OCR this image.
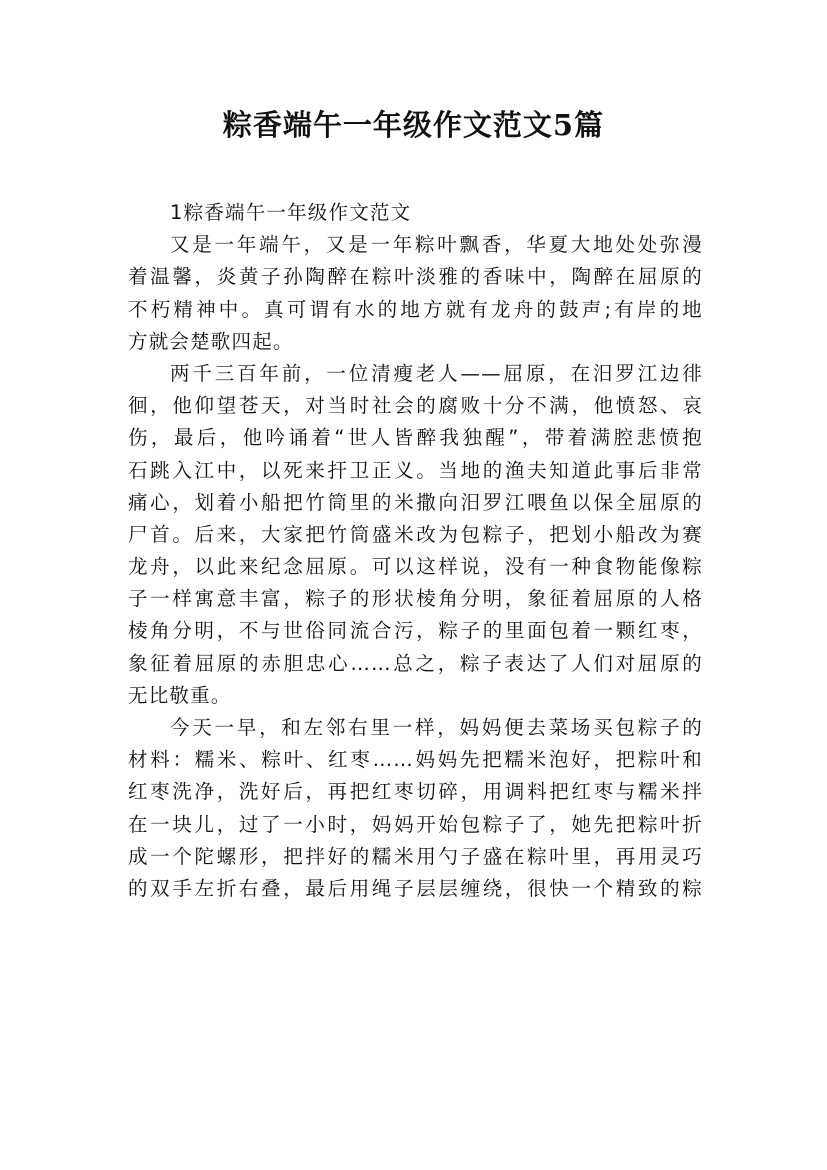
粽香端午一年级作文范文5篇
1粽香端午一年级作文范文
又是一年端午，又是一年粽叶飘香，华夏大地处处弥漫
着温馨，炎黄子孙陶醉在粽叶淡雅的香味中，陶醉在屈原的
不朽精神中。真可谓有水的地方就有龙舟的鼓声;有岸的地
方就会楚歌四起。
两千三百年前，一位清瘦老人——屈原，在汨罗江边徘
徊，他仰望苍天，对当时社会的腐败十分不满，他愤怒、哀
伤，最后，他吟诵着“世人皆醉我独醒”，带着满腔悲愤抱
石跳入江中，以死来扞卫正义。当地的渔夫知道此事后非常
痛心，划着小船把竹筒里的米撒向汨罗江喂鱼以保全屈原的
尸首。后来，大家把竹筒盛米改为包粽子，把划小船改为赛
龙舟，以此来纪念屈原。可以这样说，没有一种食物能像粽
子一样寓意丰富，粽子的形状棱角分明，象征着屈原的人格
棱角分明，不与世俗同流合污，粽子的里面包着一颗红枣，
象征着屈原的赤胆忠心……总之，粽子表达了人们对屈原的
无比敬重。
今天一早，和左邻右里一样，妈妈便去菜场买包粽子的
材料：糯米、粽叶、红枣……妈妈先把糯米泡好，把粽叶和
红枣洗净，洗好后，再把红枣切碎，用调料把红枣与糯米拌
在一块儿，过了一小时，妈妈开始包粽子了，她先把粽叶折
成一个陀螺形，把拌好的糯米用勺子盛在粽叶里，再用灵巧
的双手左折右叠，最后用绳子层层缠绕，很快一个精致的粽
